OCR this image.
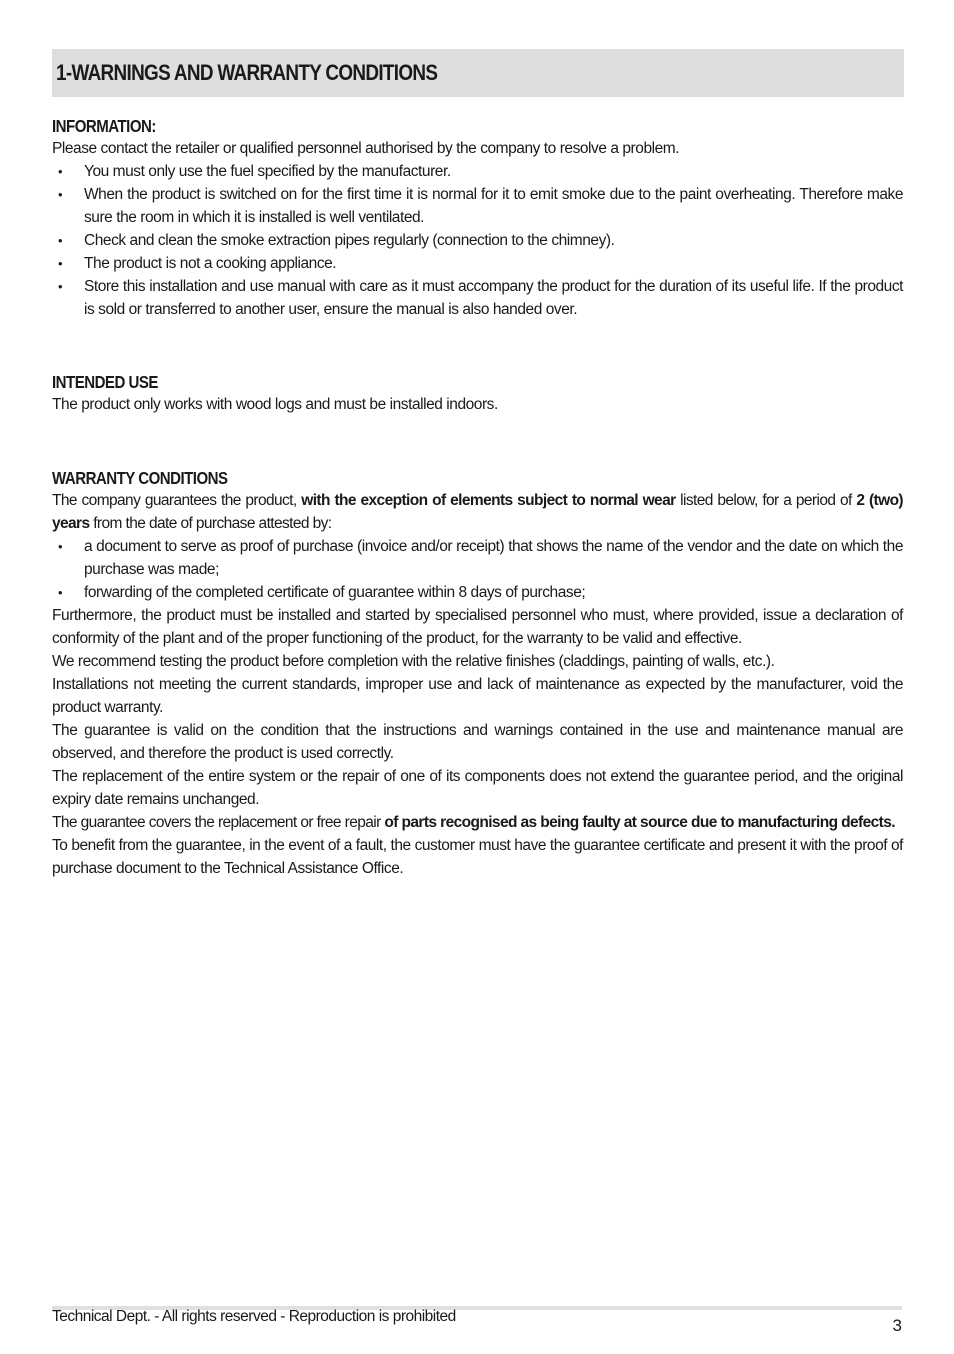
1-WARNINGS AND WARRANTY CONDITIONS
INFORMATION:

Please contact the retailer or qualified personnel authorised by the company to resolve a problem.

• You must only use the fuel specified by the manufacturer.
• When the product is switched on for the first time it is normal for it to emit smoke due to the paint overheating. Therefore make sure the room in which it is installed is well ventilated.
• Check and clean the smoke extraction pipes regularly (connection to the chimney).
• The product is not a cooking appliance.
• Store this installation and use manual with care as it must accompany the product for the duration of its useful life. If the product is sold or transferred to another user, ensure the manual is also handed over.
INTENDED USE

The product only works with wood logs and must be installed indoors.

WARRANTY CONDITIONS

The company guarantees the product, with the exception of elements subject to normal wear listed below, for a period of 2 (two) years from the date of purchase attested by:

• a document to serve as proof of purchase (invoice and/or receipt) that shows the name of the vendor and the date on which the purchase was made;
• forwarding of the completed certificate of guarantee within 8 days of purchase;

Furthermore, the product must be installed and started by specialised personnel who must, where provided, issue a declaration of conformity of the plant and of the proper functioning of the product, for the warranty to be valid and effective.

We recommend testing the product before completion with the relative finishes (claddings, painting of walls, etc.).

Installations not meeting the current standards, improper use and lack of maintenance as expected by the manufacturer, void the product warranty.

The guarantee is valid on the condition that the instructions and warnings contained in the use and maintenance manual are observed, and therefore the product is used correctly.

The replacement of the entire system or the repair of one of its components does not extend the guarantee period, and the original expiry date remains unchanged.

The guarantee covers the replacement or free repair of parts recognised as being faulty at source due to manufacturing defects.

To benefit from the guarantee, in the event of a fault, the customer must have the guarantee certificate and present it with the proof of purchase document to the Technical Assistance Office.

Technical Dept. - All rights reserved - Reproduction is prohibited	3
